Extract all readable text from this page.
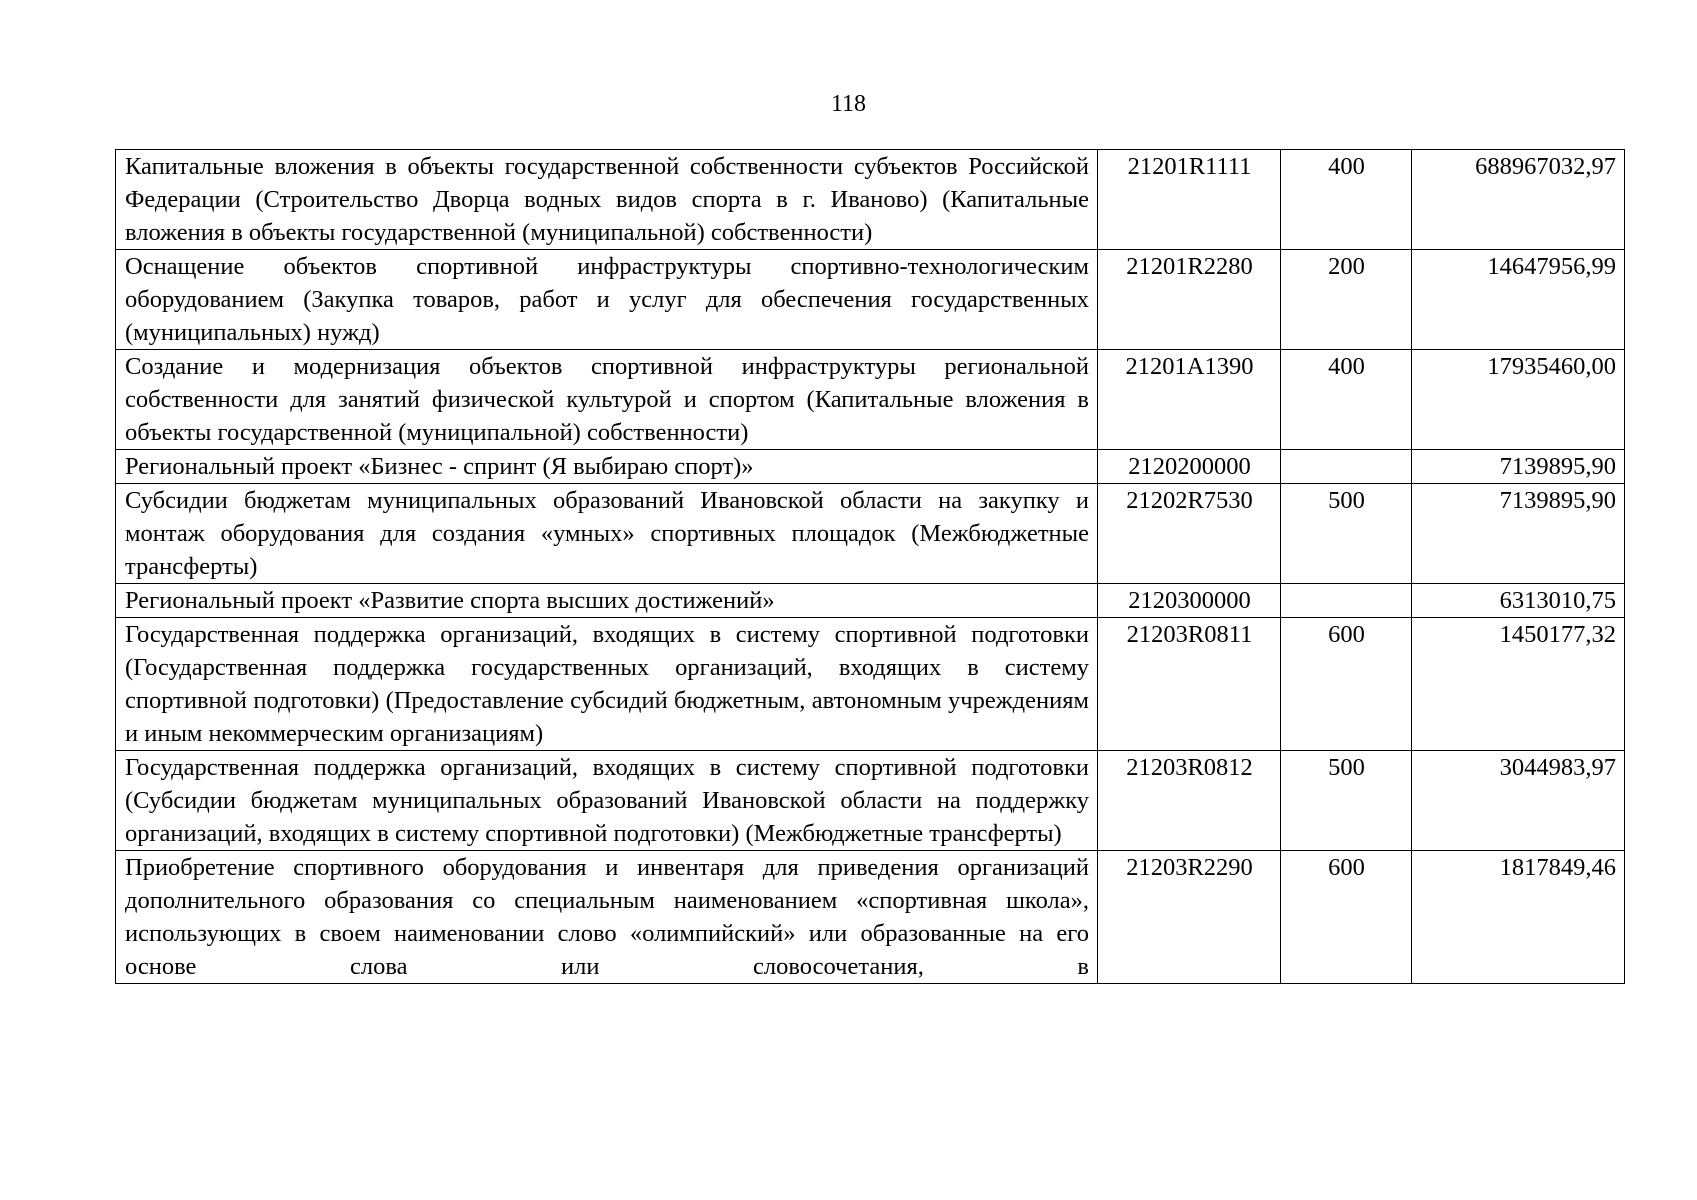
118
Капитальные вложения в объекты государственной собственности субъектов Российской Федерации (Строительство Дворца водных видов спорта в г. Иваново) (Капитальные вложения в объекты государственной (муниципальной) собственности)	21201R1111	400	688967032,97
Оснащение объектов спортивной инфраструктуры спортивно-технологическим оборудованием (Закупка товаров, работ и услуг для обеспечения государственных (муниципальных) нужд)	21201R2280	200	14647956,99
Создание и модернизация объектов спортивной инфраструктуры региональной собственности для занятий физической культурой и спортом (Капитальные вложения в объекты государственной (муниципальной) собственности)	21201A1390	400	17935460,00
Региональный проект «Бизнес - спринт (Я выбираю спорт)»	2120200000		7139895,90
Субсидии бюджетам муниципальных образований Ивановской области на закупку и монтаж оборудования для создания «умных» спортивных площадок (Межбюджетные трансферты)	21202R7530	500	7139895,90
Региональный проект «Развитие спорта высших достижений»	2120300000		6313010,75
Государственная поддержка организаций, входящих в систему спортивной подготовки (Государственная поддержка государственных организаций, входящих в систему спортивной подготовки) (Предоставление субсидий бюджетным, автономным учреждениям и иным некоммерческим организациям)	21203R0811	600	1450177,32
Государственная поддержка организаций, входящих в систему спортивной подготовки (Субсидии бюджетам муниципальных образований Ивановской области на поддержку организаций, входящих в систему спортивной подготовки) (Межбюджетные трансферты)	21203R0812	500	3044983,97
Приобретение спортивного оборудования и инвентаря для приведения организаций дополнительного образования со специальным наименованием «спортивная школа», использующих в своем наименовании слово «олимпийский» или образованные на его основе слова или словосочетания, в	21203R2290	600	1817849,46
